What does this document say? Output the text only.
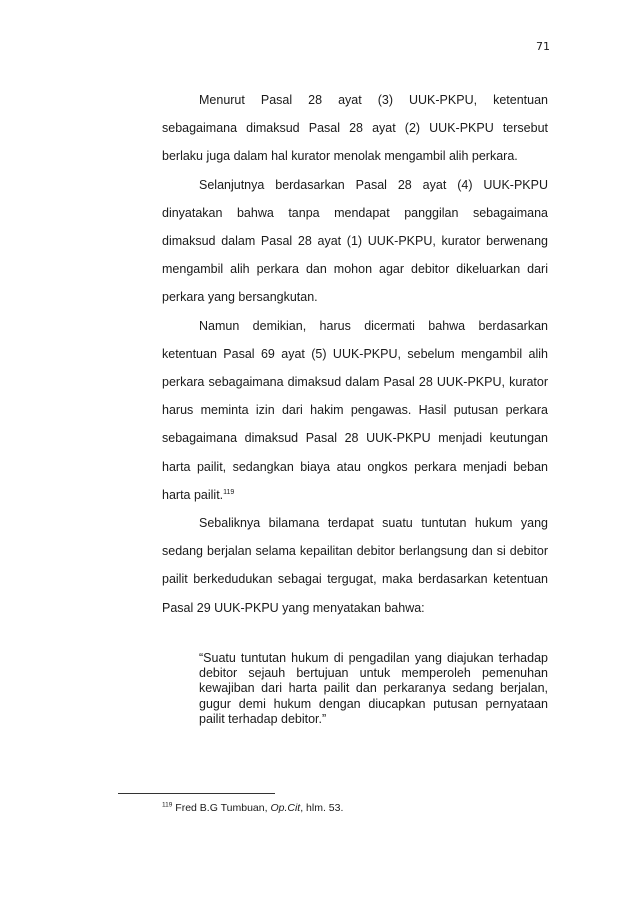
71

Menurut Pasal 28 ayat (3) UUK-PKPU, ketentuan sebagaimana dimaksud Pasal 28 ayat (2) UUK-PKPU tersebut berlaku juga dalam hal kurator menolak mengambil alih perkara.

Selanjutnya berdasarkan Pasal 28 ayat (4) UUK-PKPU dinyatakan bahwa tanpa mendapat panggilan sebagaimana dimaksud dalam Pasal 28 ayat (1) UUK-PKPU, kurator berwenang mengambil alih perkara dan mohon agar debitor dikeluarkan dari perkara yang bersangkutan.

Namun demikian, harus dicermati bahwa berdasarkan ketentuan Pasal 69 ayat (5) UUK-PKPU, sebelum mengambil alih perkara sebagaimana dimaksud dalam Pasal 28 UUK-PKPU, kurator harus meminta izin dari hakim pengawas. Hasil putusan perkara sebagaimana dimaksud Pasal 28 UUK-PKPU menjadi keutungan harta pailit, sedangkan biaya atau ongkos perkara menjadi beban harta pailit.$^{119}$

Sebaliknya bilamana terdapat suatu tuntutan hukum yang sedang berjalan selama kepailitan debitor berlangsung dan si debitor pailit berkedudukan sebagai tergugat, maka berdasarkan ketentuan Pasal 29 UUK-PKPU yang menyatakan bahwa:

“Suatu tuntutan hukum di pengadilan yang diajukan terhadap debitor sejauh bertujuan untuk memperoleh pemenuhan kewajiban dari harta pailit dan perkaranya sedang berjalan, gugur demi hukum dengan diucapkan putusan pernyataan pailit terhadap debitor.”

$^{119}$ Fred B.G Tumbuan, Op.Cit, hlm. 53.
